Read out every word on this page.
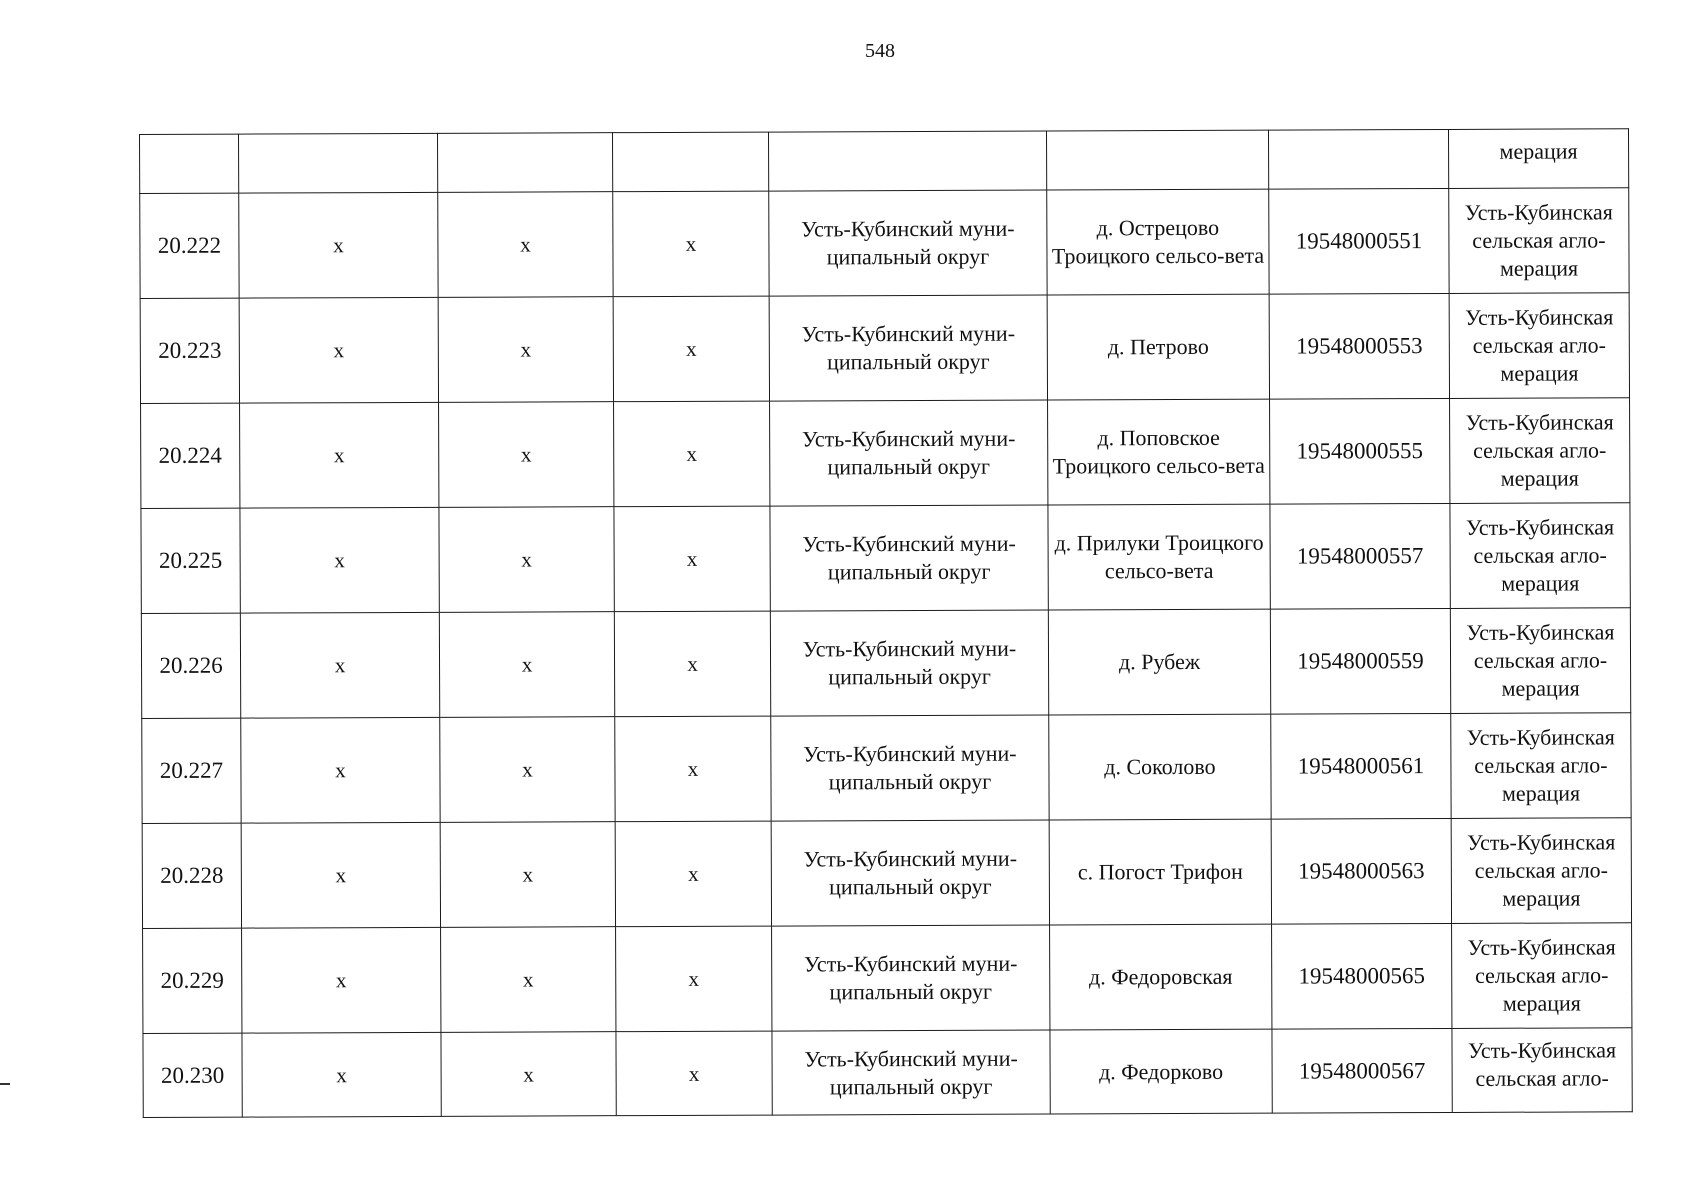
548
							мерация
20.222	х	х	х	Усть-Кубинский муни-ципальный округ	д. Острецово Троицкого сельсо-вета	19548000551	Усть-Кубинская сельская агло-мерация
20.223	х	х	х	Усть-Кубинский муни-ципальный округ	д. Петрово	19548000553	Усть-Кубинская сельская агло-мерация
20.224	х	х	х	Усть-Кубинский муни-ципальный округ	д. Поповское Троицкого сельсо-вета	19548000555	Усть-Кубинская сельская агло-мерация
20.225	х	х	х	Усть-Кубинский муни-ципальный округ	д. Прилуки Троицкого сельсо-вета	19548000557	Усть-Кубинская сельская агло-мерация
20.226	х	х	х	Усть-Кубинский муни-ципальный округ	д. Рубеж	19548000559	Усть-Кубинская сельская агло-мерация
20.227	х	х	х	Усть-Кубинский муни-ципальный округ	д. Соколово	19548000561	Усть-Кубинская сельская агло-мерация
20.228	х	х	х	Усть-Кубинский муни-ципальный округ	с. Погост Трифон	19548000563	Усть-Кубинская сельская агло-мерация
20.229	х	х	х	Усть-Кубинский муни-ципальный округ	д. Федоровская	19548000565	Усть-Кубинская сельская агло-мерация
20.230	х	х	х	Усть-Кубинский муни-ципальный округ	д. Федорково	19548000567	Усть-Кубинская сельская агло-
